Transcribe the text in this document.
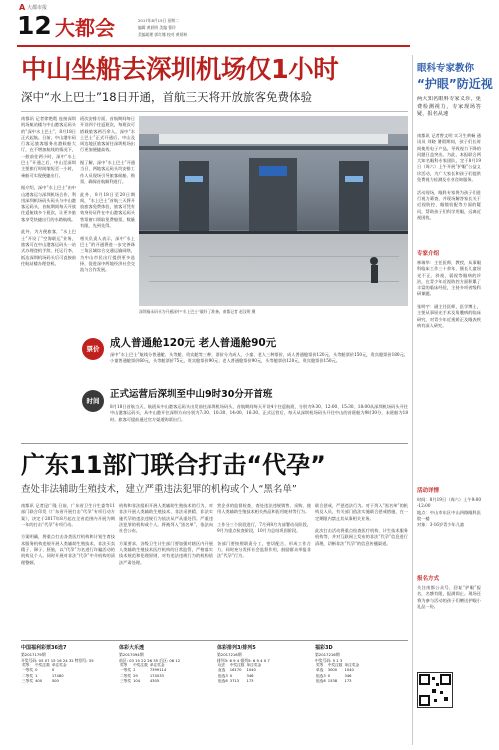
A 大都市报
12 大都会	2017年8月15日 星期二
编辑 黄跃明 美编 曹玲
美编助理 郭红娜 校对 黄炳林
中山坐船去深圳机场仅1小时
深中“水上巴士”18日开通，首航三天将开放旅客免费体验
南都讯 记者徐艳霞 连接深圳机场航站楼与中山港客运码头的“深中水上巴士”，8月18日正式起航。日前，中山港车码行客运旅客服务出港候船大厅，在不增加航线的情况下，一般前往两小时，深中“水上巴士”开通之后，中山至深圳主要旅行时间缩短至一小时，乘船可实现便捷出行。

据介绍，深中“水上巴士”由中山港客运与深圳机场合作，利用深圳机场码头码头与中山港客运码头，首航期间每天开放往返航线多个班次，让更多旅客享受快捷出行的水路航线。

此外，为方便旅客，“水上巴士”开设了“空海联运”业务，旅客可在中山港客运码头一站式办理登机手续、托运行李，抵达深圳机场码头后可直接前往航站楼办理登机。
班次安排方面，首航期间每日开设四个往返班次，每班次可搭载旅客两百余人。深中“水上巴士”正式开通后，中山及周边地区旅客前往深圳机场出行更加便捷高效。

据了解，深中“水上巴士”开通当日，两地客运码头均安排工作人员现场引导旅客候船、购票，确保首航顺利进行。

此外，8月18日至20日期间，“水上巴士”首航三天将开放旅客免费体验，旅客可凭有效身份证件在中山港客运码头售票窗口领取免费船票，数量有限，先到先得。

相关负责人表示，深中“水上巴士”的开通将进一步完善珠三角区域综合交通运输网络，为中山市民出行提供更多选择，促进深中两地经济社会交流与合作发展。
深圳福永码头为开通深中“水上巴士”做好了准备。南都记者 赵汉明 摄
票价	成人普通舱120元 老人普通舱90元
深中“水上巴士”航线分普通舱、头等舱、贵宾舱等三种，票价分为成人、小童、老人三种票价，成人普通舱票价120元，头等舱票价150元，贵宾舱票价180元；小童普通舱票价60元，头等舱票价75元，贵宾舱票价90元；老人普通舱票价90元，头等舱票价120元，贵宾舱票价150元。
时间
正式运营后深圳至中山9时30分开首班
8月18日首航当天，航班从中山港客运码头出发前往深圳机场码头，首航期间每天开设4个往返航班，分别为9:30、12:00、15:30、18:00从深圳机场码头开往中山港客运码头，从中山港开往深圳方向分别为7:30、10:30、14:00、16:30。正式运营后，每天从深圳机场码头开往中山的首班船为9时30分，末班船为18时。旅客可提前通过官方渠道购票出行。
广东11部门联合打击“代孕”
查处非法辅助生殖技术，建立严重违法犯罪的机构或个人“黑名单”
南都讯 记者昆广隆 日前，广东省卫生计生委等11部门联合印发《广东省开展打击“代孕”专项行动方案》，决定于2017年8月起在全省范围内开展为期一年的打击“代孕”专项行动。

方案明确，将重点打击各类医疗机构和计划生育技术服务机构违规开展人类辅助生殖技术，非法买卖精子、卵子、胚胎，以“代孕”为名进行诈骗活动的机构及个人。同时开展对非法“代孕”中介机构的清理整顿。
机构和非法组织开展人类辅助生殖技术的行为，对非法开展人类辅助生殖技术、非法采供精、非法实施代孕的违法违规行为依法从严从重处罚。严重违法犯罪的机构或个人，将被列入“黑名单”，依法向社会公布。

方案要求，各级卫生计生部门要加强对辖区内开展人类辅助生殖技术医疗机构的日常监管，严格落实技术规范和伦理原则，对有违法违规行为的机构依法严肃处理。
营企业的监督检查，查处违法违规销售、采购、使用人类辅助生殖技术相关药品和医用耗材等行为。

工作分三个阶段进行，7月到8月为部署动员阶段，9月为重点检查阶段，10月为总结巩固阶段。

各部门要按照职责分工，密切配合，形成工作合力，同时充分发挥社会监督作用，鼓励群众举报非法“代孕”行为。
联合惩戒，严惩违法行为。对于列入“黑名单”的机构及人员，有关部门依法实施联合惩戒措施，在一定期限内禁止其从事相关业务。

此次打击活动将重点检查医疗机构、计生技术服务机构等，并对互联网上发布的非法“代孕”信息进行清理，切断非法“代孕”的信息传播渠道。
中国福利彩票36选7
第2017179期
开奖号码: 05 07 15 16 24 32 特别号: 35
奖等	中奖注数	单注奖金
一等奖	0	0
二等奖	1	17480
三等奖	400	500
体彩大乐透
第2017094期
前区: 03 15 22 26 35 后区: 06 12
奖等	中奖注数	单注奖金
一等奖	2	7399114
二等奖	29	174533
三等奖	104	4305
体彩排列3/排列5
第2017216期
排列3: 6 9 4 排列5: 6 9 4 0 7
玩法	中奖注数	单注奖金
直选	16170	1040
组选3	0	346
组选6	3713	173
福彩3D
第2017216期
中奖号码: 5 1 3
奖等	中奖注数	单注奖金
单选	3000	1040
组选3	0	346
组选6	1538	173
眼科专家教你
“护眼”防近视
两大知名眼科专家义诊，免费检测视力，专家现场答疑，报名从速
南都讯 记者曾文明 实习生黄畅 通讯员 刘晓 暑假期间，孩子们长时间使用电子产品，导致视力下降的问题日益突出。为此，本报联合两大知名眼科专家团队，定于8月19日（周六）上午开展“护眼”公益义诊活动，为广大家长和孩子们提供免费视力检测及专业咨询服务。

活动现场，眼科专家将为孩子们进行视力筛查，并现场解答家长关于近视防控、眼镜验配等方面的疑问，帮助孩子们科学用眼，远离近视困扰。
专家介绍
林瑞华：主任医师，教授，从事眼科临床工作三十余年，擅长儿童屈光不正、斜视、弱视等眼病的诊治，在青少年近视防控方面积累了丰富的临床经验，主持多项省级科研课题。

张明宇：副主任医师，医学博士，主要从事屈光手术及角膜病的临床研究，对青少年近视矫正及眼表疾病有深入研究。
活动详情
时间：8月19日（周六）上午9:00-12:00
地点：中山市东区中山四路眼科医院一楼
对象：3-16岁青少年儿童
报名方式
关注南都公众号，回复“护眼”报名，名额有限，报满即止。现场还将为参与活动的孩子们赠送护眼小礼品一份。
